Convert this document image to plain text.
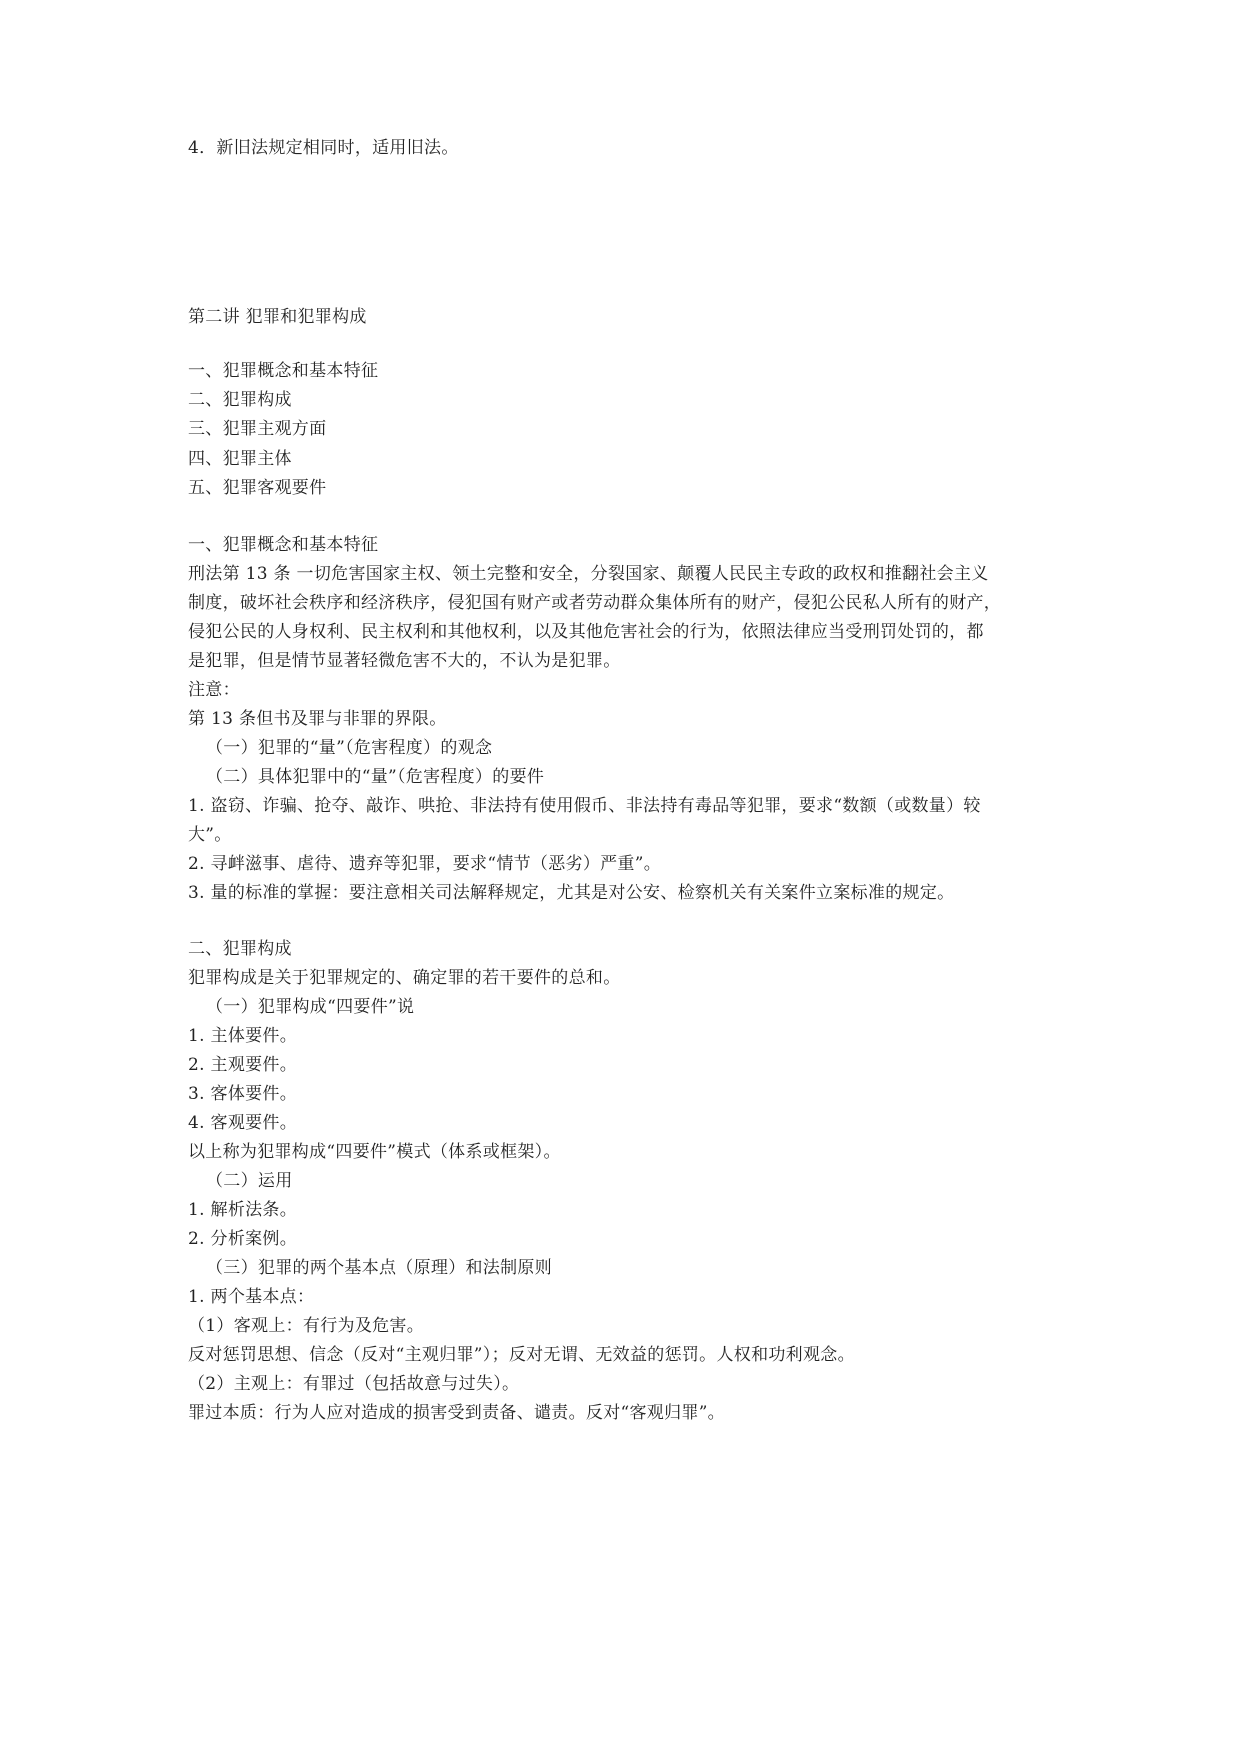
4．新旧法规定相同时，适用旧法。
第二讲 犯罪和犯罪构成
一、犯罪概念和基本特征
二、犯罪构成
三、犯罪主观方面
四、犯罪主体
五、犯罪客观要件
一、犯罪概念和基本特征
刑法第 13 条 一切危害国家主权、领土完整和安全，分裂国家、颠覆人民民主专政的政权和推翻社会主义
制度，破坏社会秩序和经济秩序，侵犯国有财产或者劳动群众集体所有的财产，侵犯公民私人所有的财产，
侵犯公民的人身权利、民主权利和其他权利，以及其他危害社会的行为，依照法律应当受刑罚处罚的，都
是犯罪，但是情节显著轻微危害不大的，不认为是犯罪。
注意：
第 13 条但书及罪与非罪的界限。
（一）犯罪的“量”（危害程度）的观念
（二）具体犯罪中的“量”（危害程度）的要件
1. 盗窃、诈骗、抢夺、敲诈、哄抢、非法持有使用假币、非法持有毒品等犯罪，要求“数额（或数量）较
大”。
2. 寻衅滋事、虐待、遗弃等犯罪，要求“情节（恶劣）严重”。
3. 量的标准的掌握：要注意相关司法解释规定，尤其是对公安、检察机关有关案件立案标准的规定。
二、犯罪构成
犯罪构成是关于犯罪规定的、确定罪的若干要件的总和。
（一）犯罪构成“四要件”说
1. 主体要件。
2. 主观要件。
3. 客体要件。
4. 客观要件。
以上称为犯罪构成“四要件”模式（体系或框架）。
（二）运用
1. 解析法条。
2. 分析案例。
（三）犯罪的两个基本点（原理）和法制原则
1. 两个基本点：
（1）客观上：有行为及危害。
反对惩罚思想、信念（反对“主观归罪”）；反对无谓、无效益的惩罚。人权和功利观念。
（2）主观上：有罪过（包括故意与过失）。
罪过本质：行为人应对造成的损害受到责备、谴责。反对“客观归罪”。
